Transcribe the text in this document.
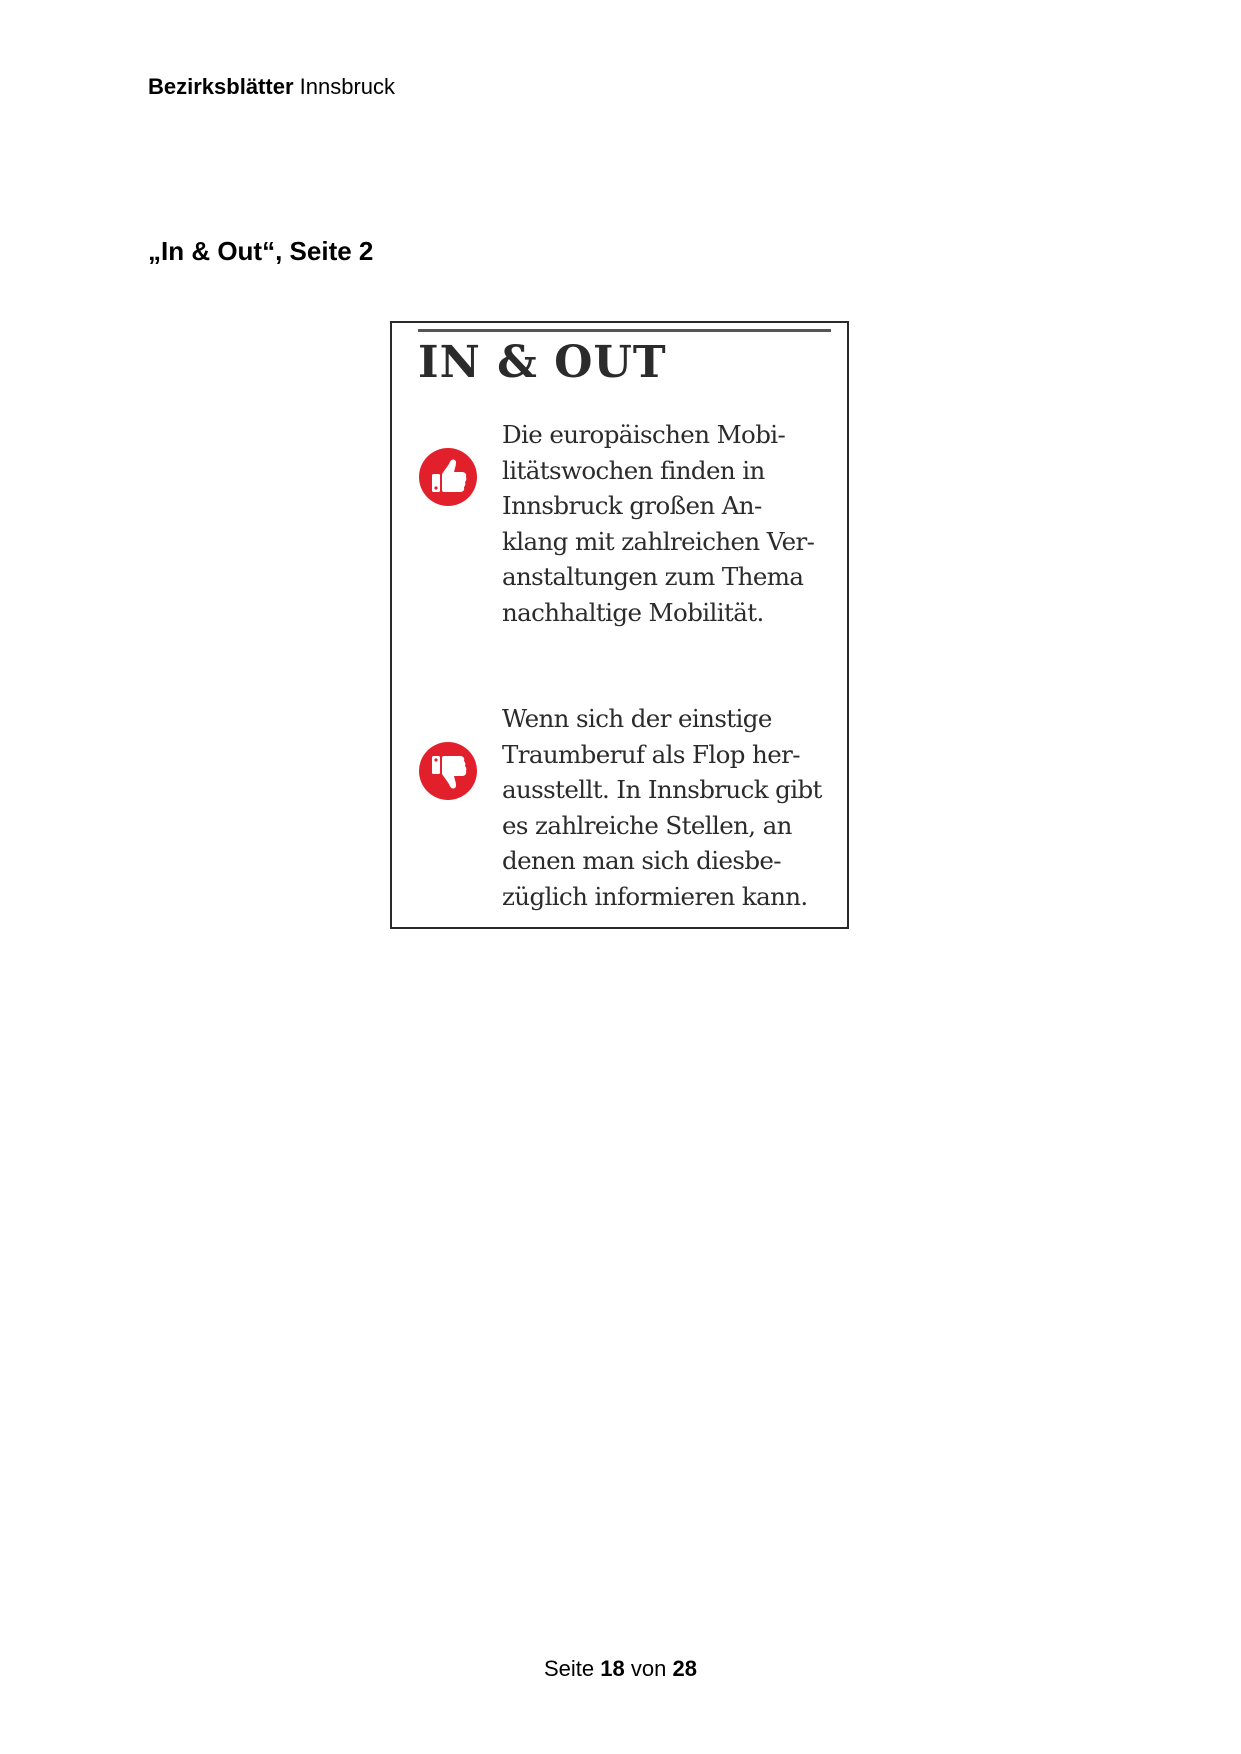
Bezirksblätter Innsbruck
„In & Out“, Seite 2
IN & OUT
Die europäischen Mobi-
litätswochen finden in
Innsbruck großen An-
klang mit zahlreichen Ver-
anstaltungen zum Thema
nachhaltige Mobilität.
Wenn sich der einstige
Traumberuf als Flop her-
ausstellt. In Innsbruck gibt
es zahlreiche Stellen, an
denen man sich diesbe-
züglich informieren kann.
Seite 18 von 28
